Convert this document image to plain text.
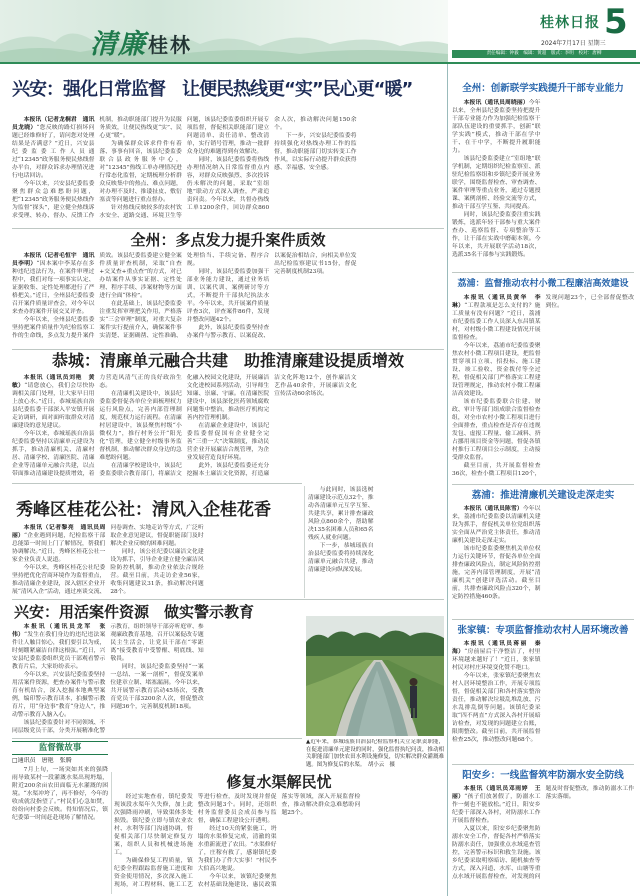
清廉 桂林
桂林日报 5
2024年7月17日 星期三
责任编辑：钟毅　编辑：黄超　版式：李明　校对：唐柳
兴安：强化日常监督　让便民热线更“实”民心更“暖”

本报讯（记者龙桐君　通讯员龙晓）“您反映的路灯损坏问题已经维修好了，请问您对处理结果是否满意？”近日，兴安县纪委监委工作人员通过“12345”政务服务便民热线督办平台，对群众诉求办理情况进行电话回访。

今年以来，兴安县纪委监委聚焦群众急难愁盼问题，把“12345”政务服务便民热线作为监督“探头”，建立健全热线诉求受理、转办、督办、反馈工作机制，推动职能部门提升为民服务质效，让便民热线更“实”、民心更“暖”。

为确保群众诉求件件有着落、事事有回音，该县纪委监委联合县政务服务中心，对“12345”热线工单办理情况进行常态化监督，定期梳理分析群众反映集中的热点、难点问题，对办理不及时、推诿扯皮、敷衍塞责等问题进行重点督办。

针对热线反映较多的农村饮水安全、道路交通、环境卫生等问题，该县纪委监委组织开展专项监督，督促相关职能部门建立问题清单、责任清单、整改清单，实行销号管理，推动一批群众身边的难题得到有效解决。

同时，该县纪委监委将热线办理情况纳入日常监督重点内容，对群众反映强烈、多次投诉仍未解决的问题，采取“室组地”联动方式深入调查，严肃追责问责。今年以来，共督办热线工单1200余件，回访群众860余人次，推动解决问题150余个。

下一步，兴安县纪委监委将持续强化对热线办理工作的监督，推动职能部门切实转变工作作风，以实际行动提升群众获得感、幸福感、安全感。

全州：多点发力提升案件质效

本报讯（记者毛恒宇　通讯员李明）“因本案中李某存在多种违纪违法行为，在案件审理过程中，我们对每一项事实认定、证据收集、定性处理都进行了严格把关。”近日，全州县纪委监委召开案件质量评查会，对今年以来查办的案件开展交叉评查。

今年以来，全州县纪委监委坚持把案件质量作为纪检监察工作的生命线，多点发力提升案件质效。该县纪委监委建立健全案件质量评查机制，采取“自查+交叉查+重点查”的方式，对已办结案件从事实证据、定性处理、程序手续、涉案财物等方面进行全面“体检”。

在此基础上，该县纪委监委注重发挥审理把关作用，严格落实“三会审理”制度，对重大复杂案件实行提前介入，确保案件事实清楚、证据确凿、定性准确、处理恰当、手续完备、程序合规。

同时，该县纪委监委加强干部业务能力建设，通过业务培训、以案代训、案例研讨等方式，不断提升干部执纪执法水平。今年以来，共开展案件质量评查3次，评查案件86件，发现并整改问题42个。

此外，该县纪委监委坚持查办案件与警示教育、以案促改、以案促治相结合，向相关单位发出纪检监察建议书15份，督促完善制度机制23项。

恭城：清廉单元融合共建　助推清廉建设提质增效

本报讯（通讯员刘艳　黄敏）“请您放心，我们会尽快协调相关部门处理，让大家早日用上放心水。”近日，恭城瑶族自治县纪委监委干部深入平安镇开展走访调研，面对面听取群众对清廉建设的意见建议。

今年以来，恭城瑶族自治县纪委监委坚持以清廉单元建设为抓手，推动清廉机关、清廉村居、清廉学校、清廉医院、清廉企业等清廉单元融合共建，以点带面推动清廉建设提质增效，着力营造风清气正的良好政治生态。

在清廉机关建设中，该县纪委监委督促各单位全面梳理权力运行风险点，完善内部管理制度，规范权力运行流程。在清廉村居建设中，该县聚焦村级“小微权力”，推行村务公开“阳光化”管理，建立健全村级事务监督机制，推动解决群众身边的急难愁盼问题。

在清廉学校建设中，该县纪委监委联合教育部门，将廉洁文化融入校园文化建设，开展廉洁文化进校园系列活动，引导师生知廉、崇廉、守廉。在清廉医院建设中，该县深化医药领域腐败问题集中整治，推动医疗机构完善内控管理机制。

在清廉企业建设中，该县纪委监委督促国有企业健全完善“三重一大”决策制度，推动民营企业开展廉洁合规管理，为企业发展营造良好环境。

此外，该县纪委监委还充分挖掘本土廉洁文化资源，打造廉洁文化阵地12个，创作廉洁文艺作品40余件，开展廉洁文化宣传活动60余场次。

与此同时，该县选树清廉建设示范点32个，推动各清廉单元互学互鉴、共建共享，累计排查廉政风险点860余个，帮助解决135名困难人员和65名残疾人就业问题。

下一步，恭城瑶族自治县纪委监委将持续深化清廉单元融合共建，推动清廉建设向纵深发展。

秀峰区桂花公社：清风入企桂花香

本报讯（记者黎亮　通讯员周丽）“企业遇到问题，纪检监察干部总能第一时间上门了解情况，帮我们协调解决。”近日，秀峰区桂花公社一家企业负责人说道。

今年以来，秀峰区桂花公社纪委坚持把优化营商环境作为监督重点，推动清廉企业建设，深入辖区企业开展“清风入企”活动，通过座谈交流、问卷调查、实地走访等方式，广泛听取企业意见建议，督促职能部门及时解决企业反映的困难问题。

同时，该公社纪委以廉洁文化建设为抓手，引导企业建立健全廉洁风险防控机制，推动企业依法合规经营。截至目前，共走访企业56家，收集问题建议31条，推动解决问题28个。

兴安：用活案件资源　做实警示教育

本报讯（通讯员龙军　张伟）“发生在我们身边的违纪违法案件让人触目惊心，我们要引以为戒，时刻绷紧廉洁自律这根弦。”近日，兴安县纪委监委组织党员干部观看警示教育片后，大家纷纷表示。

今年以来，兴安县纪委监委坚持用活案件资源，把查办案件与警示教育有机结合，深入挖掘本地典型案例，编印警示教育读本，拍摄警示教育片，用“身边事”教育“身边人”，推动警示教育入脑入心。

该县纪委监委针对不同领域、不同层级党员干部，分类开展精准化警示教育，组织领导干部旁听庭审、参观廉政教育基地，召开以案促改专题民主生活会，让党员干部在“零距离”接受教育中受警醒、明底线、知敬畏。

同时，该县纪委监委坚持“一案一总结、一案一剖析”，督促发案单位建章立制、堵塞漏洞。今年以来，共开展警示教育活动45场次，受教育党员干部3200余人次，督促整改问题36个，完善制度机制18项。

▲近年来，恭城瑶族自治县纪检监察机关立足职责职能，在促进清廉单元建设的同时，强化监督执纪问责，推动相关职能部门加快农田水利设施修复，切实解决群众灌溉难题。图为修复后的水渠。　胡小云　摄
监督微故事
□通讯员　唐艳　张腾

7月上旬，一场突如其来的强降雨导致某村一段灌溉水渠出现坍塌，附近200余亩农田面临无水灌溉的困境。“水渠冲垮了，再不修好，今年的收成就没指望了。”村民们心急如焚，纷纷向村委会反映。得知情况后，镇纪委第一时间赶赴现场了解情况。

修复水渠解民忧

经过实地查看，镇纪委发现该段水渠年久失修，加上此次强降雨冲刷，导致渠体多处损毁。镇纪委立即与镇农业农村、水利等部门沟通协调，督促相关部门尽快制定修复方案，组织人员和机械进场施工。

为确保修复工程质量，镇纪委全程跟踪监督施工进度和资金使用情况，多次深入施工现场，对工程材料、施工工艺等进行检查，及时发现并督促整改问题3个。同时，还组织村务监督委员会成员参与监督，确保工程建设公开透明。

经过10天的紧张施工，坍塌的水渠修复完成，清澈的渠水重新流进了农田。“水渠修好了，庄稼有救了，感谢镇纪委为我们办了件大实事！”村民李大伯高兴地说。

今年以来，该镇纪委聚焦农村基础设施建设、惠民政策落实等领域，深入开展监督检查，推动解决群众急难愁盼问题25个。

全州：创新联学实践提升干部专业能力

本报讯（通讯员周晓丽）今年以来，全州县纪委监委坚持把提升干部专业能力作为加强纪检监察干部队伍建设的重要抓手，创新“联学实践”模式，推动干部在学中干、在干中学，不断提升履职能力。

该县纪委监委建立“室组地”联学机制，定期组织纪检监察室、派驻纪检监察组和乡镇纪委开展业务联学，围绕监督检查、审查调查、案件审理等重点业务，通过专题授课、案例剖析、经验交流等方式，推动干部互学互鉴、共同提高。

同时，该县纪委监委注重实践锻炼，选派年轻干部参与重大案件查办、巡察监督、专项整治等工作，让干部在实战中磨砺本领。今年以来，共开展联学活动18次，选派35名干部参与实践锻炼。

荔浦：监督推动农村小微工程廉洁高效建设

本报讯（通讯员黄华　李琳）“工程款项是怎么支付的？施工质量有没有问题？”近日，荔浦市纪委监委工作人员深入东昌镇某村，对村级小微工程建设情况开展监督检查。

今年以来，荔浦市纪委监委聚焦农村小微工程项目建设，把监督贯穿项目立项、招投标、施工建设、竣工验收、资金拨付等全过程，督促相关部门严格落实工程建设管理规定，推动农村小微工程廉洁高效建设。

该市纪委监委联合住建、财政、审计等部门组成联合监督检查组，对全市农村小微工程项目进行全面排查，重点检查是否存在违规发包、虚报工程量、偷工减料、挤占挪用项目资金等问题，督促各镇村推行工程项目公示制度，主动接受群众监督。

截至目前，共开展监督检查36次，检查小微工程项目120个，发现问题23个，已全部督促整改到位。

荔浦：推进清廉机关建设走深走实

本报讯（通讯员陈雪）今年以来，荔浦市纪委监委以清廉机关建设为抓手，督促机关单位党组织落实全面从严治党主体责任，推动清廉机关建设走深走实。

该市纪委监委聚焦机关单位权力运行关键环节，督促各单位全面排查廉政风险点，制定风险防控措施，完善内部管理制度，开展“清廉机关”创建评选活动。截至目前，共排查廉政风险点320个，制定防控措施460条。

张家镇：专项监督推动农村人居环境改善

本报讯（通讯员蒋丽　秦海）“房前屋后干净整洁了，村里环境越来越好了！”近日，张家镇村民对村庄环境变化赞不绝口。

今年以来，张家镇纪委聚焦农村人居环境整治工作，开展专项监督，督促相关部门和各村落实整治责任，推动解决垃圾乱堆乱放、污水乱排乱倒等问题。该镇纪委采取“四不两直”方式深入各村开展暗访检查，对发现的问题建立台账，限期整改。截至目前，共开展监督检查25次，推动整改问题68个。

阳安乡：一线监督筑牢防溺水安全防线

本报讯（通讯员邓雨婷　王丽）“孩子们放暑假了，防溺水工作一刻也不能放松。”近日，阳安乡纪委干部深入各村，对防溺水工作开展监督检查。

入夏以来，阳安乡纪委聚焦防溺水安全工作，督促各村严格落实防溺水责任，加强重点水域巡查管控，完善警示标识和救生设施。该乡纪委采取明察暗访、随机抽查等方式，深入河道、水库、山塘等重点水域开展监督检查，对发现的问题及时督促整改，推动防溺水工作落实落细。
